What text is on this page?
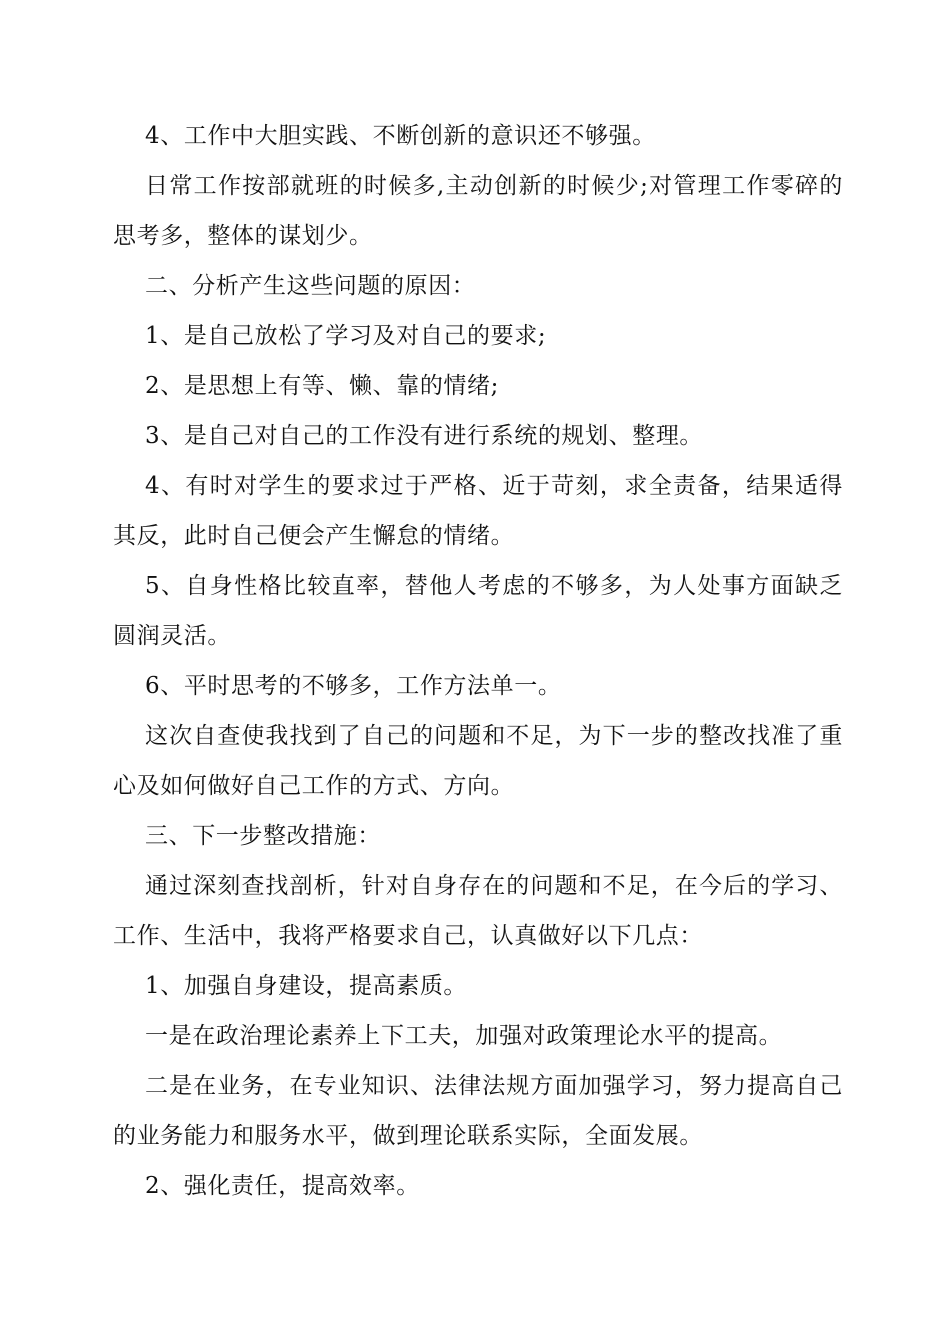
4、工作中大胆实践、不断创新的意识还不够强。

日常工作按部就班的时候多,主动创新的时候少;对管理工作零碎的思考多，整体的谋划少。

二、分析产生这些问题的原因：

1、是自己放松了学习及对自己的要求;

2、是思想上有等、懒、靠的情绪;

3、是自己对自己的工作没有进行系统的规划、整理。

4、有时对学生的要求过于严格、近于苛刻，求全责备，结果适得其反，此时自己便会产生懈怠的情绪。

5、自身性格比较直率，替他人考虑的不够多，为人处事方面缺乏圆润灵活。

6、平时思考的不够多，工作方法单一。

这次自查使我找到了自己的问题和不足，为下一步的整改找准了重心及如何做好自己工作的方式、方向。

三、下一步整改措施：

通过深刻查找剖析，针对自身存在的问题和不足，在今后的学习、工作、生活中，我将严格要求自己，认真做好以下几点：

1、加强自身建设，提高素质。

一是在政治理论素养上下工夫，加强对政策理论水平的提高。

二是在业务，在专业知识、法律法规方面加强学习，努力提高自己的业务能力和服务水平，做到理论联系实际，全面发展。

2、强化责任，提高效率。
